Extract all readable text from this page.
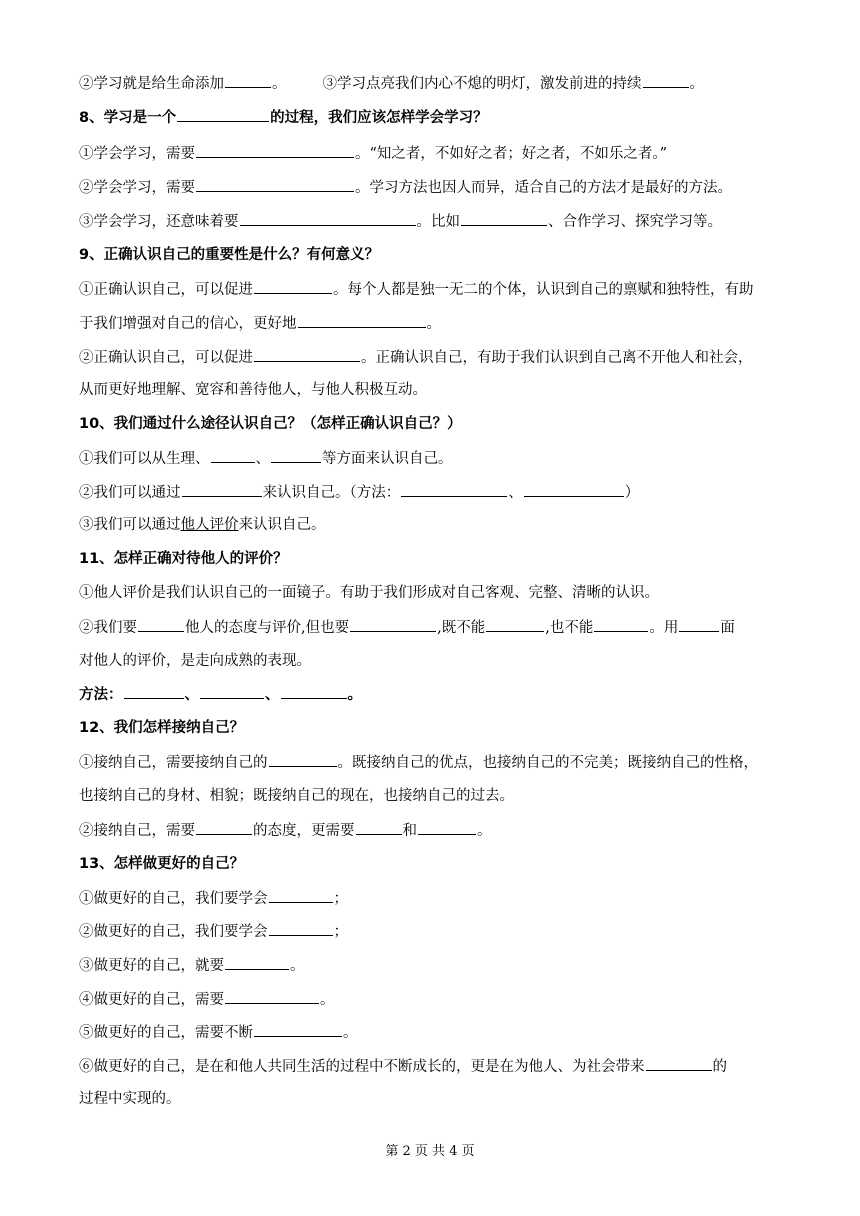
②学习就是给生命添加	。 ③学习点亮我们内心不熄的明灯，激发前进的持续	。
8、学习是一个	的过程，我们应该怎样学会学习？
①学会学习，需要	。“知之者，不如好之者；好之者，不如乐之者。”
②学会学习，需要	。学习方法也因人而异，适合自己的方法才是最好的方法。
③学会学习，还意味着要	。比如	、合作学习、探究学习等。
9、正确认识自己的重要性是什么？有何意义？
①正确认识自己，可以促进	。每个人都是独一无二的个体，认识到自己的禀赋和独特性，有助
于我们增强对自己的信心，更好地	。
②正确认识自己，可以促进	。正确认识自己，有助于我们认识到自己离不开他人和社会，
从而更好地理解、宽容和善待他人，与他人积极互动。
10、我们通过什么途径认识自己？（怎样正确认识自己？）
①我们可以从生理、	、	等方面来认识自己。
②我们可以通过	来认识自己。（方法：	、	）
③我们可以通过他人评价来认识自己。
11、怎样正确对待他人的评价？
①他人评价是我们认识自己的一面镜子。有助于我们形成对自己客观、完整、清晰的认识。
②我们要	他人的态度与评价,但也要	,既不能	,也不能	。用	面
对他人的评价，是走向成熟的表现。
方法：	、	、	。
12、我们怎样接纳自己？
①接纳自己，需要接纳自己的	。既接纳自己的优点，也接纳自己的不完美；既接纳自己的性格，
也接纳自己的身材、相貌；既接纳自己的现在，也接纳自己的过去。
②接纳自己，需要	的态度，更需要	和	。
13、怎样做更好的自己？
①做更好的自己，我们要学会	；
②做更好的自己，我们要学会	；
③做更好的自己，就要	。
④做更好的自己，需要	。
⑤做更好的自己，需要不断	。
⑥做更好的自己，是在和他人共同生活的过程中不断成长的，更是在为他人、为社会带来	的
过程中实现的。
第 2 页 共 4 页
